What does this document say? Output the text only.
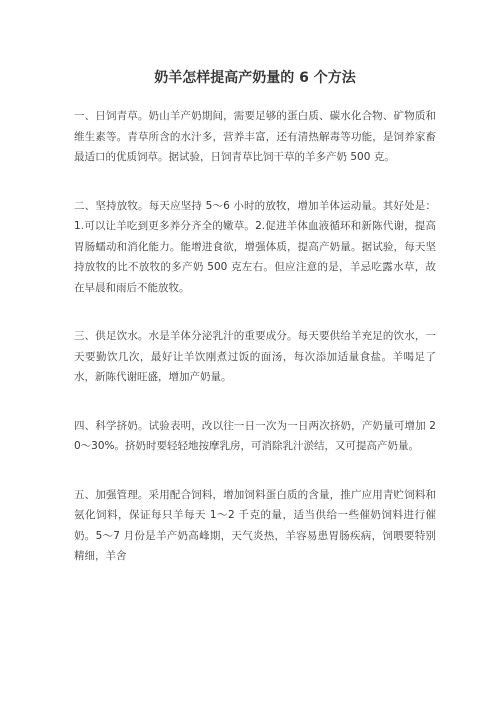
奶羊怎样提高产奶量的 6 个方法

一、日饲青草。奶山羊产奶期间，需要足够的蛋白质、碳水化合物、矿物质和维生素等。青草所含的水汁多，营养丰富，还有清热解毒等功能，是饲养家畜最适口的优质饲草。据试验，日饲青草比饲干草的羊多产奶 500 克。

二、坚持放牧。每天应坚持 5～6 小时的放牧，增加羊体运动量。其好处是：1.可以让羊吃到更多养分齐全的嫩草。2.促进羊体血液循环和新陈代谢，提高胃肠蠕动和消化能力。能增进食欲，增强体质，提高产奶量。据试验，每天坚持放牧的比不放牧的多产奶 500 克左右。但应注意的是，羊忌吃露水草，故在早晨和雨后不能放牧。

三、供足饮水。水是羊体分泌乳汁的重要成分。每天要供给羊充足的饮水，一天要勤饮几次，最好让羊饮刚煮过饭的面汤，每次添加适量食盐。羊喝足了水，新陈代谢旺盛，增加产奶量。

四、科学挤奶。试验表明，改以往一日一次为一日两次挤奶，产奶量可增加 20～30%。挤奶时要轻轻地按摩乳房，可消除乳汁淤结，又可提高产奶量。

五、加强管理。采用配合饲料，增加饲料蛋白质的含量，推广应用青贮饲料和氨化饲料，保证每只羊每天 1～2 千克的量，适当供给一些催奶饲料进行催奶。5～7 月份是羊产奶高峰期，天气炎热，羊容易患胃肠疾病，饲喂要特别精细，羊舍
